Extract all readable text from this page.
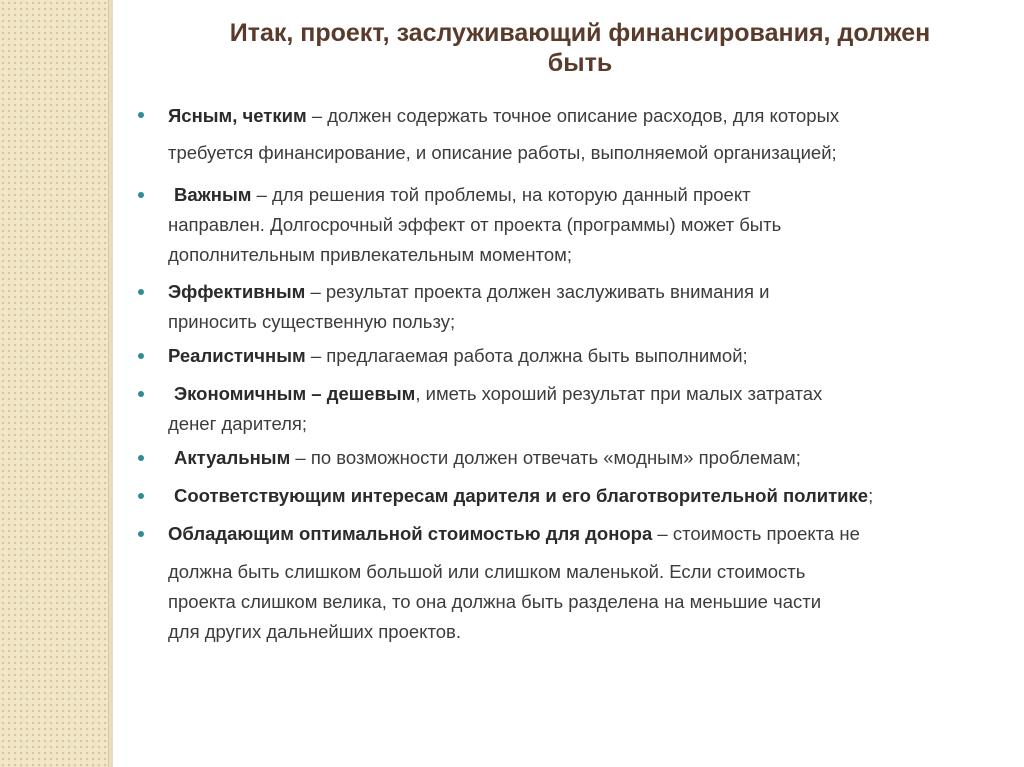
Итак, проект, заслуживающий финансирования, должен
быть
Ясным, четким – должен содержать точное описание расходов, для которых
требуется финансирование, и описание работы, выполняемой организацией;
Важным – для решения той проблемы, на которую данный проект
направлен. Долгосрочный эффект от проекта (программы) может быть
дополнительным привлекательным моментом;
Эффективным – результат проекта должен заслуживать внимания и
приносить существенную пользу;
Реалистичным – предлагаемая работа должна быть выполнимой;
Экономичным – дешевым, иметь хороший результат при малых затратах
денег дарителя;
Актуальным – по возможности должен отвечать «модным» проблемам;
Соответствующим интересам дарителя и его благотворительной политике;
Обладающим оптимальной стоимостью для донора – стоимость проекта не
должна быть слишком большой или слишком маленькой. Если стоимость
проекта слишком велика, то она должна быть разделена на меньшие части
для других дальнейших проектов.
